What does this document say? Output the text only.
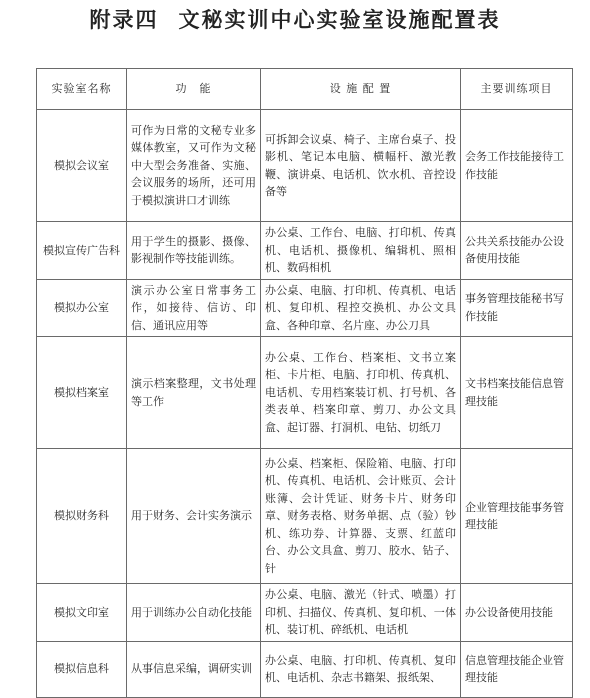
附录四 文秘实训中心实验室设施配置表
实验室名称	功　能	设 施 配 置	主要训练项目
模拟会议室	可作为日常的文秘专业多媒体教室，又可作为文秘中大型会务准备、实施、会议服务的场所，还可用于模拟演讲口才训练	可拆卸会议桌、椅子、主席台桌子、投影机、笔记本电脑、横幅杆、激光教鞭、演讲桌、电话机、饮水机、音控设备等	会务工作技能接待工作技能
模拟宣传广告科	用于学生的摄影、摄像、影视制作等技能训练。	办公桌、工作台、电脑、打印机、传真机、电话机、摄像机、编辑机、照相机、数码相机	公共关系技能办公设备使用技能
模拟办公室	演示办公室日常事务工作，如接待、信访、印信、通讯应用等	办公桌、电脑、打印机、传真机、电话机、复印机、程控交换机、办公文具盒、各种印章、名片座、办公刀具	事务管理技能秘书写作技能
模拟档案室	演示档案整理，文书处理等工作	办公桌、工作台、档案柜、文书立案柜、卡片柜、电脑、打印机、传真机、电话机、专用档案装订机、打号机、各类表单、档案印章、剪刀、办公文具盒、起订器、打洞机、电钻、切纸刀	文书档案技能信息管理技能
模拟财务科	用于财务、会计实务演示	办公桌、档案柜、保险箱、电脑、打印机、传真机、电话机、会计账页、会计账簿、会计凭证、财务卡片、财务印章、财务表格、财务单据、点（验）钞机、练功券、计算器、支票、红蓝印台、办公文具盒、剪刀、胶水、钻子、针	企业管理技能事务管理技能
模拟文印室	用于训练办公自动化技能	办公桌、电脑、激光（针式、喷墨）打印机、扫描仪、传真机、复印机、一体机、装订机、碎纸机、电话机	办公设备使用技能
模拟信息科	从事信息采编，调研实训	办公桌、电脑、打印机、传真机、复印机、电话机、杂志书籍架、报纸架、	信息管理技能企业管理技能
